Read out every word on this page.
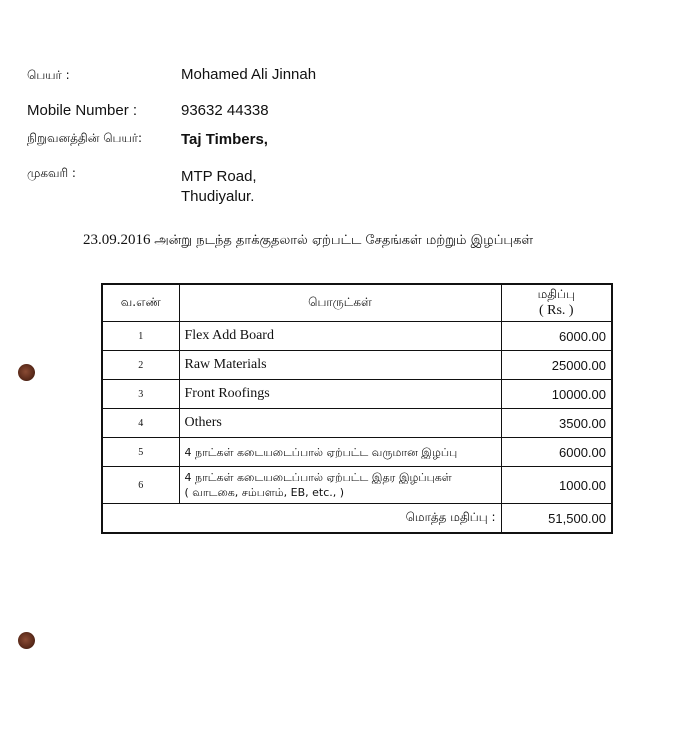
பெயர் :	Mohamed Ali Jinnah
Mobile Number :	93632 44338
நிறுவனத்தின் பெயர்:	Taj Timbers,
முகவரி :	MTP Road,
Thudiyalur.
23.09.2016 அன்று நடந்த தாக்குதலால் ஏற்பட்ட சேதங்கள் மற்றும் இழப்புகள்
வ.எண்	பொருட்கள்	மதிப்பு
( Rs. )

1	Flex Add Board	6000.00
2	Raw Materials	25000.00
3	Front Roofings	10000.00
4	Others	3500.00
5	4 நாட்கள் கடையடைப்பால் ஏற்பட்ட வருமான இழப்பு	6000.00
6	4 நாட்கள் கடையடைப்பால் ஏற்பட்ட இதர இழப்புகள்
( வாடகை, சம்பளம், EB, etc., )	1000.00
மொத்த மதிப்பு :		51,500.00
